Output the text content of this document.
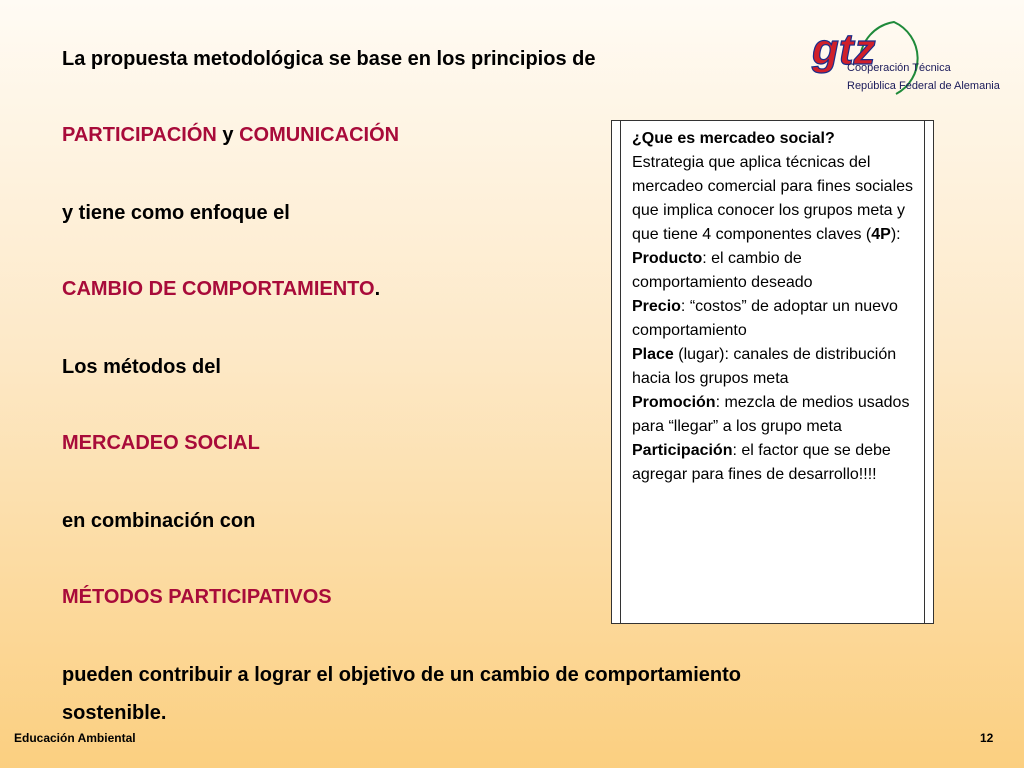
La propuesta metodológica se base en los principios de
PARTICIPACIÓN y COMUNICACIÓN
y tiene como enfoque el
CAMBIO DE COMPORTAMIENTO.
Los métodos del
MERCADEO SOCIAL
en combinación con
MÉTODOS PARTICIPATIVOS
pueden contribuir a lograr el objetivo de un cambio de comportamiento
sostenible.
gtz
Cooperación Técnica
República Federal de Alemania
¿Que es mercadeo social?
Estrategia que aplica técnicas del mercadeo comercial para fines sociales que implica conocer los grupos meta y que tiene 4 componentes claves (4P):
Producto: el cambio de comportamiento deseado
Precio: “costos” de adoptar un nuevo comportamiento
Place (lugar): canales de distribución hacia los grupos meta
Promoción: mezcla de medios usados para “llegar” a los grupo meta
Participación: el factor que se debe agregar para fines de desarrollo!!!!
Educación Ambiental	12
